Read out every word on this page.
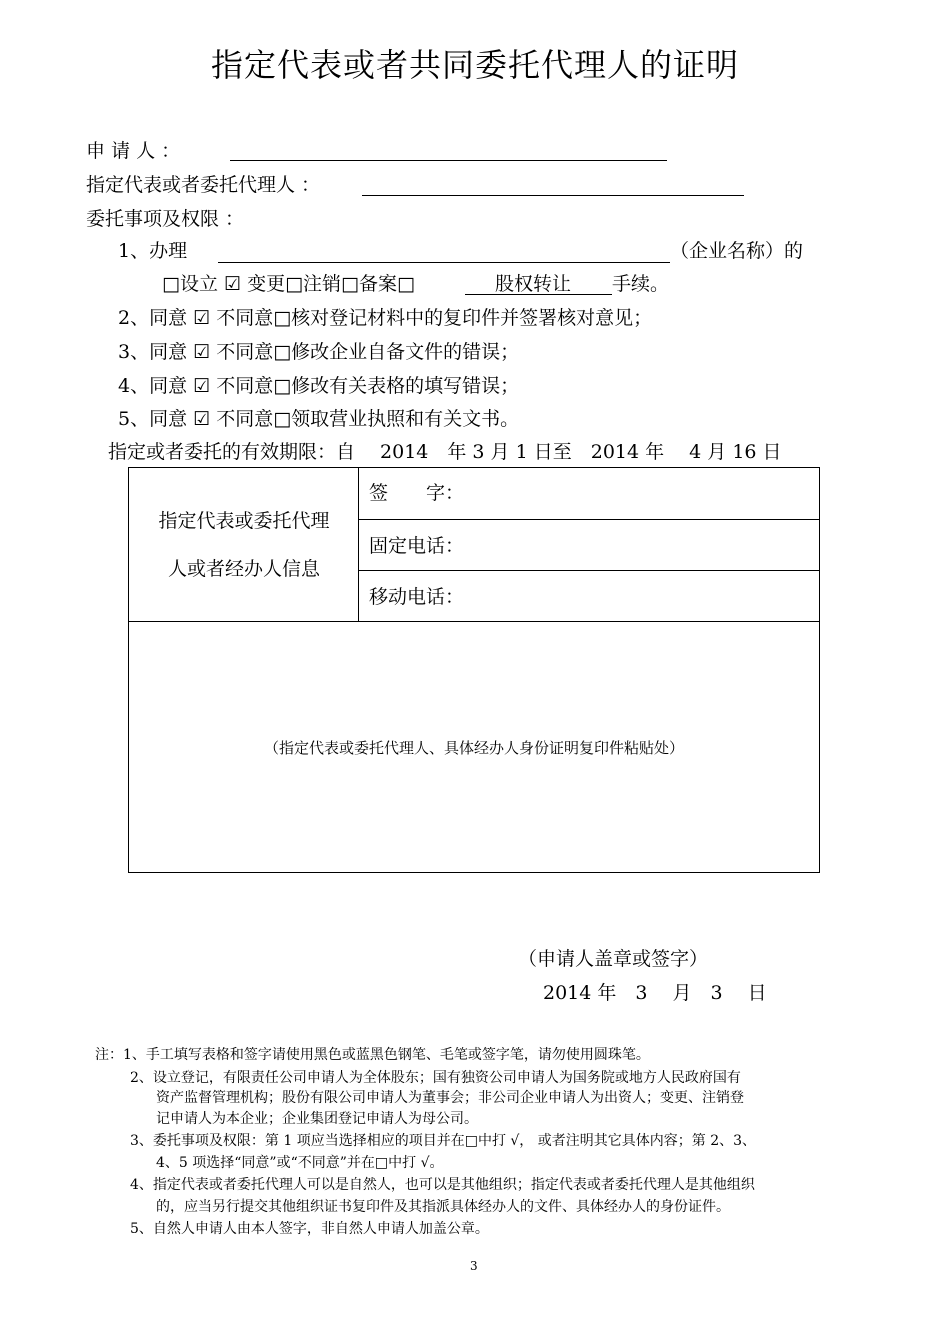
指定代表或者共同委托代理人的证明
申 请 人 ：
指定代表或者委托代理人 ：
委托事项及权限 ：
1、办理	（企业名称）的
□设立 ☑ 变更□注销□备案□	股权转让 手续。
2、同意 ☑ 不同意□核对登记材料中的复印件并签署核对意见；
3、同意 ☑ 不同意□修改企业自备文件的错误；
4、同意 ☑ 不同意□修改有关表格的填写错误；
5、同意 ☑ 不同意□领取营业执照和有关文书。
指定或者委托的有效期限：自　 2014　年 3 月 1 日至　2014 年　 4 月 16 日
指定代表或委托代理
人或者经办人信息
签　　字：
固定电话：
移动电话：
（指定代表或委托代理人、具体经办人身份证明复印件粘贴处）
（申请人盖章或签字）
2014 年　3　 月　3　 日
注：1、手工填写表格和签字请使用黑色或蓝黑色钢笔、毛笔或签字笔，请勿使用圆珠笔。
2、设立登记，有限责任公司申请人为全体股东；国有独资公司申请人为国务院或地方人民政府国有
资产监督管理机构；股份有限公司申请人为董事会；非公司企业申请人为出资人；变更、注销登
记申请人为本企业；企业集团登记申请人为母公司。
3、委托事项及权限：第 1 项应当选择相应的项目并在□中打 √， 或者注明其它具体内容；第 2、3、
4、5 项选择“同意”或“不同意”并在□中打 √。
4、指定代表或者委托代理人可以是自然人，也可以是其他组织；指定代表或者委托代理人是其他组织
的，应当另行提交其他组织证书复印件及其指派具体经办人的文件、具体经办人的身份证件。
5、自然人申请人由本人签字，非自然人申请人加盖公章。
3
